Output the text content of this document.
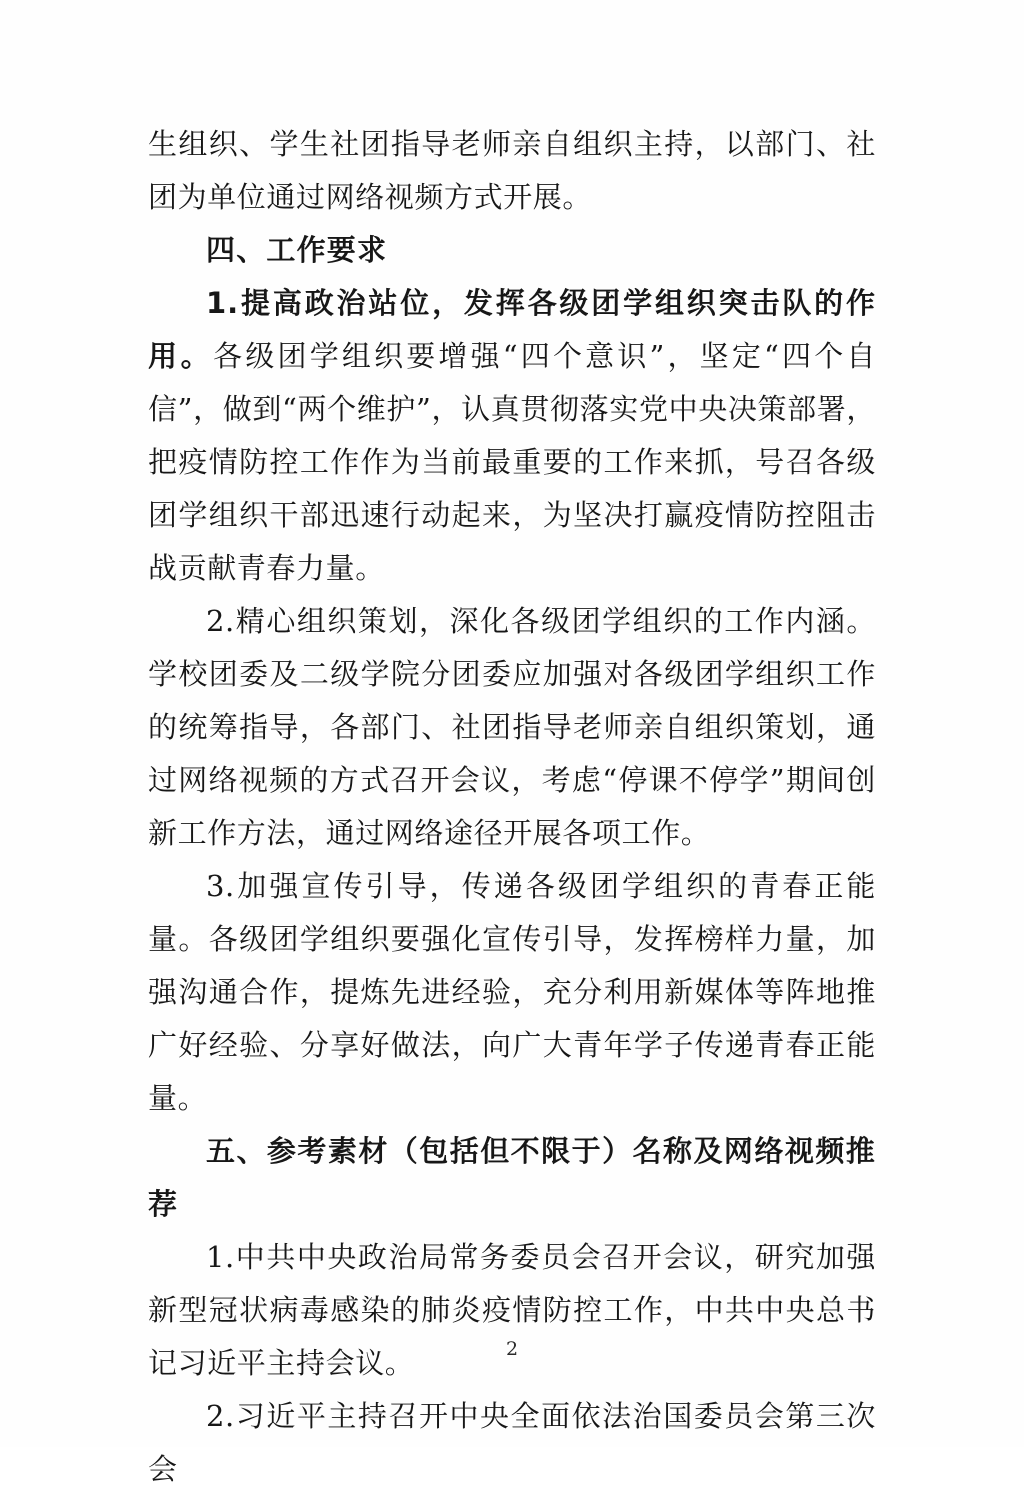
生组织、学生社团指导老师亲自组织主持，以部门、社团为单位通过网络视频方式开展。

四、工作要求

1.提高政治站位，发挥各级团学组织突击队的作用。各级团学组织要增强“四个意识”，坚定“四个自信”，做到“两个维护”，认真贯彻落实党中央决策部署，把疫情防控工作作为当前最重要的工作来抓，号召各级团学组织干部迅速行动起来，为坚决打赢疫情防控阻击战贡献青春力量。

2.精心组织策划，深化各级团学组织的工作内涵。学校团委及二级学院分团委应加强对各级团学组织工作的统筹指导，各部门、社团指导老师亲自组织策划，通过网络视频的方式召开会议，考虑“停课不停学”期间创新工作方法，通过网络途径开展各项工作。

3.加强宣传引导，传递各级团学组织的青春正能量。各级团学组织要强化宣传引导，发挥榜样力量，加强沟通合作，提炼先进经验，充分利用新媒体等阵地推广好经验、分享好做法，向广大青年学子传递青春正能量。

五、参考素材（包括但不限于）名称及网络视频推荐

1.中共中央政治局常务委员会召开会议，研究加强新型冠状病毒感染的肺炎疫情防控工作，中共中央总书记习近平主持会议。

2.习近平主持召开中央全面依法治国委员会第三次会

2
